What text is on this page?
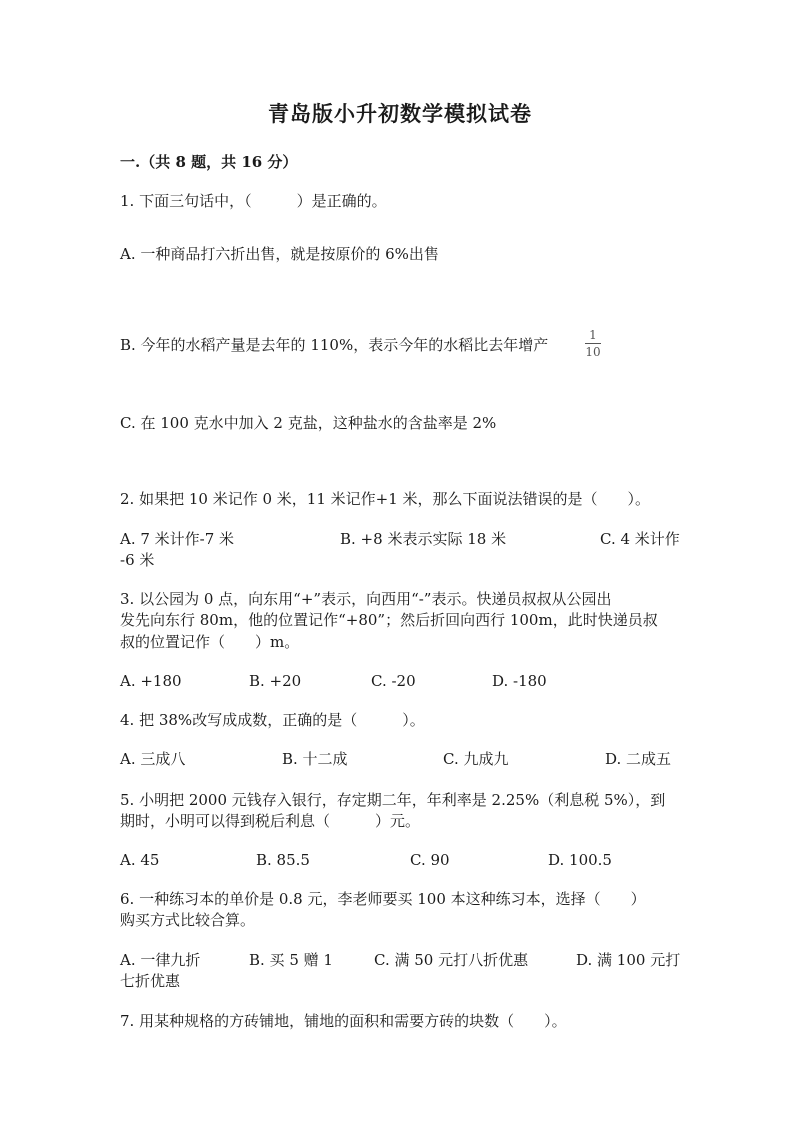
青岛版小升初数学模拟试卷
一.（共 8 题，共 16 分）
1. 下面三句话中，（　　　）是正确的。
A. 一种商品打六折出售，就是按原价的 6%出售
B. 今年的水稻产量是去年的 110%，表示今年的水稻比去年增产
1
10
C. 在 100 克水中加入 2 克盐，这种盐水的含盐率是 2%
2. 如果把 10 米记作 0 米，11 米记作+1 米，那么下面说法错误的是（　　）。
A. 7 米计作-7 米	B. +8 米表示实际 18 米	C. 4 米计作
-6 米
3. 以公园为 0 点，向东用“+”表示，向西用“-”表示。快递员叔叔从公园出
发先向东行 80m，他的位置记作“+80”；然后折回向西行 100m，此时快递员叔
叔的位置记作（　　）m。
A. +180	B. +20	C. -20	D. -180
4. 把 38%改写成成数，正确的是（　　　）。
A. 三成八	B. 十二成	C. 九成九	D. 二成五
5. 小明把 2000 元钱存入银行，存定期二年，年利率是 2.25%（利息税 5%），到
期时，小明可以得到税后利息（　　　）元。
A. 45	B. 85.5	C. 90	D. 100.5
6. 一种练习本的单价是 0.8 元，李老师要买 100 本这种练习本，选择（　　）
购买方式比较合算。
A. 一律九折	B. 买 5 赠 1	C. 满 50 元打八折优惠	D. 满 100 元打
七折优惠
7. 用某种规格的方砖铺地，铺地的面积和需要方砖的块数（　　）。
